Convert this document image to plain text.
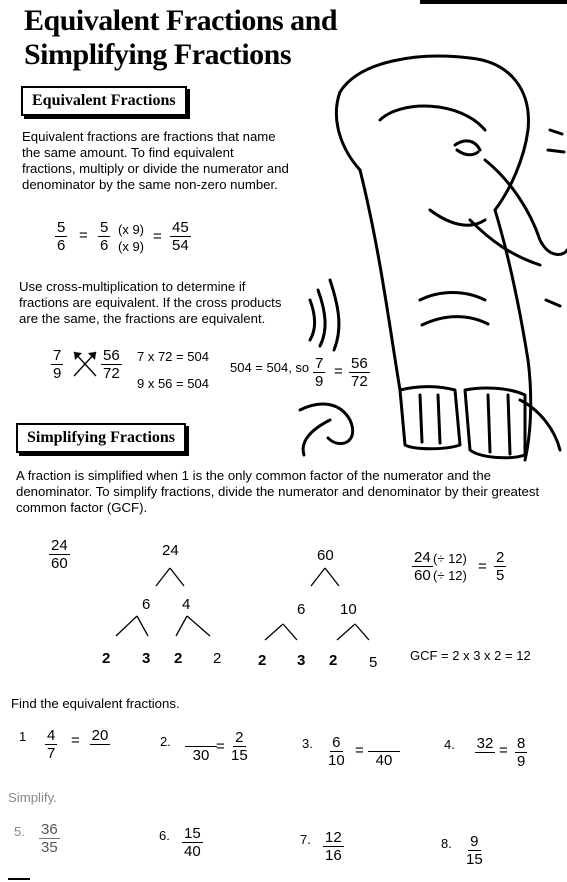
Equivalent Fractions and
Simplifying Fractions
Equivalent Fractions
Equivalent fractions are fractions that name
the same amount. To find equivalent
fractions, multiply or divide the numerator and
denominator by the same non-zero number.
$\frac{5}{6} = \frac{5}{6} (x$ 9)
(x 9)
= $\frac{45}{54}$
Use cross-multiplication to determine if
fractions are equivalent. If the cross products
are the same, the fractions are equivalent.
$\frac{7}{9}$	$\frac{56}{72} 7$ x 72 = 504
9 x 56 = 504
504 = 504, so $\frac{7}{9} = \frac{56}{72}$
Simplifying Fractions
A fraction is simplified when 1 is the only common factor of the numerator and the
denominator. To simplify fractions, divide the numerator and denominator by their greatest
common factor (GCF).
$\frac{24}{60}$	24
6 4
2 3 2 2
60
6 10
2 3 2 5
$\frac{24}{60}$ (÷ 12)
(÷ 12)
= $\frac{2}{5}$
GCF = 2 x 3 x 2 = 12
Find the equivalent fractions.
$1 \frac{4}{7} = 20$	2.
30
= $\frac{2}{15}$	3. $\frac{6}{10}$ =
40
4. $32 = \frac{8}{9}$
Simplify.
5. $\frac{36}{35}$	6. $\frac{15}{40}$	7. $\frac{12}{16}$	8. $\frac{9}{15}$
